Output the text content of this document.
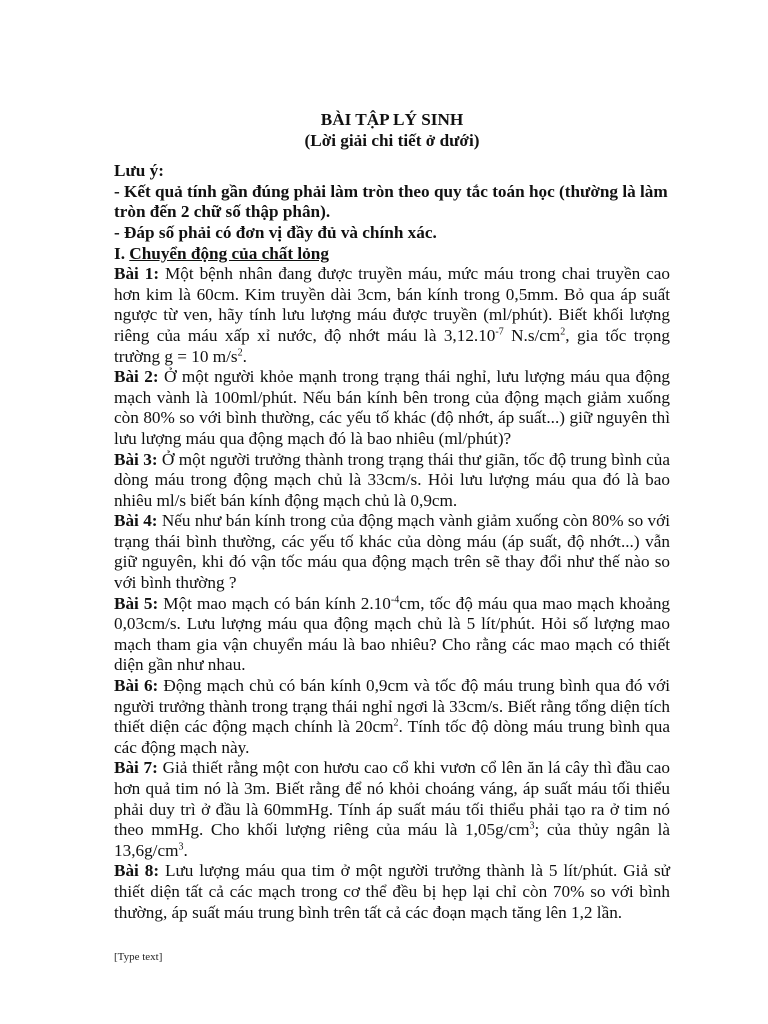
BÀI TẬP LÝ SINH

(Lời giải chi tiết ở dưới)

Lưu ý:

- Kết quả tính gần đúng phải làm tròn theo quy tắc toán học (thường là làm tròn đến 2 chữ số thập phân).

- Đáp số phải có đơn vị đầy đủ và chính xác.

I. Chuyển động của chất lỏng

Bài 1: Một bệnh nhân đang được truyền máu, mức máu trong chai truyền cao hơn kim là 60cm. Kim truyền dài 3cm, bán kính trong 0,5mm. Bỏ qua áp suất ngược từ ven, hãy tính lưu lượng máu được truyền (ml/phút). Biết khối lượng riêng của máu xấp xỉ nước, độ nhớt máu là $3,12.10^{-7}$ $N.s/cm^2$, gia tốc trọng trường g = 10 $m/s^2$.

Bài 2: Ở một người khỏe mạnh trong trạng thái nghỉ, lưu lượng máu qua động mạch vành là 100ml/phút. Nếu bán kính bên trong của động mạch giảm xuống còn 80% so với bình thường, các yếu tố khác (độ nhớt, áp suất...) giữ nguyên thì lưu lượng máu qua động mạch đó là bao nhiêu (ml/phút)?

Bài 3: Ở một người trưởng thành trong trạng thái thư giãn, tốc độ trung bình của dòng máu trong động mạch chủ là 33cm/s. Hỏi lưu lượng máu qua đó là bao nhiêu ml/s biết bán kính động mạch chủ là 0,9cm.

Bài 4: Nếu như bán kính trong của động mạch vành giảm xuống còn 80% so với trạng thái bình thường, các yếu tố khác của dòng máu (áp suất, độ nhớt...) vẫn giữ nguyên, khi đó vận tốc máu qua động mạch trên sẽ thay đổi như thế nào so với bình thường ?

Bài 5: Một mao mạch có bán kính $2.10^{-4}cm$, tốc độ máu qua mao mạch khoảng 0,03cm/s. Lưu lượng máu qua động mạch chủ là 5 lít/phút. Hỏi số lượng mao mạch tham gia vận chuyển máu là bao nhiêu? Cho rằng các mao mạch có thiết diện gần như nhau.

Bài 6: Động mạch chủ có bán kính 0,9cm và tốc độ máu trung bình qua đó với người trưởng thành trong trạng thái nghỉ ngơi là 33cm/s. Biết rằng tổng diện tích thiết diện các động mạch chính là $20cm^2$. Tính tốc độ dòng máu trung bình qua các động mạch này.

Bài 7: Giả thiết rằng một con hươu cao cổ khi vươn cổ lên ăn lá cây thì đầu cao hơn quả tim nó là 3m. Biết rằng để nó khỏi choáng váng, áp suất máu tối thiểu phải duy trì ở đầu là 60mmHg. Tính áp suất máu tối thiểu phải tạo ra ở tim nó theo mmHg. Cho khối lượng riêng của máu là $1,05g/cm^3$; của thủy ngân là $13,6g/cm^3$.

Bài 8: Lưu lượng máu qua tim ở một người trưởng thành là 5 lít/phút. Giả sử thiết diện tất cả các mạch trong cơ thể đều bị hẹp lại chỉ còn 70% so với bình thường, áp suất máu trung bình trên tất cả các đoạn mạch tăng lên 1,2 lần.

[Type text]
